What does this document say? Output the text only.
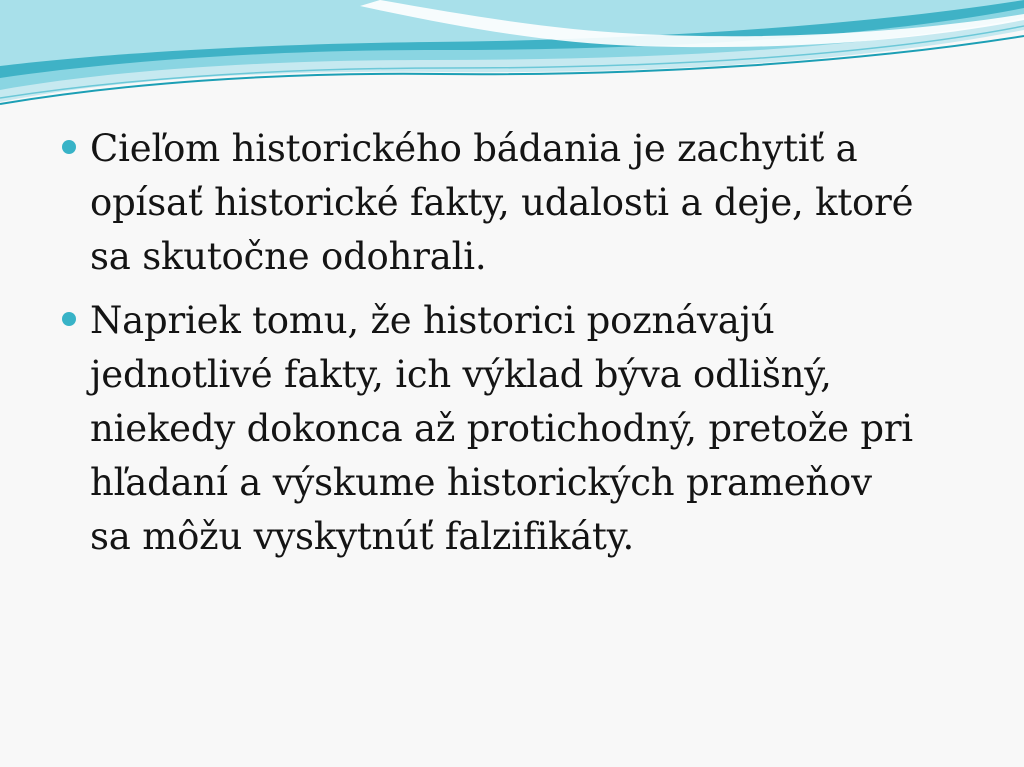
Cieľom historického bádania je zachytiť a
opísať historické fakty, udalosti a deje, ktoré
sa skutočne odohrali.
Napriek tomu, že historici poznávajú
jednotlivé fakty, ich výklad býva odlišný,
niekedy dokonca až protichodný, pretože pri
hľadaní a výskume historických prameňov
sa môžu vyskytnúť falzifikáty.
